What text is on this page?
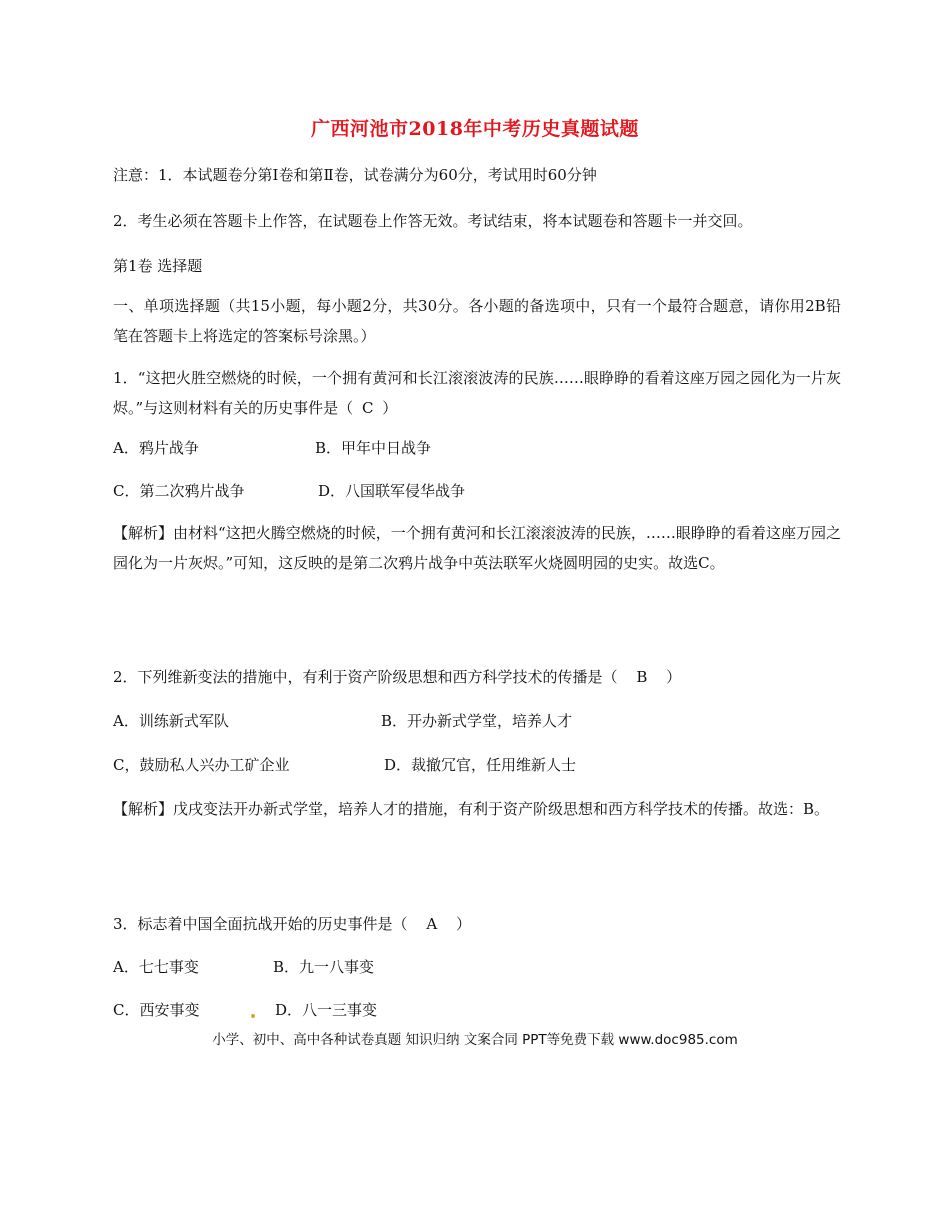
广西河池市2018年中考历史真题试题
注意：1．本试题卷分第Ⅰ卷和第Ⅱ卷，试卷满分为60分，考试用时60分钟
2．考生必须在答题卡上作答，在试题卷上作答无效。考试结束，将本试题卷和答题卡一并交回。
第1卷 选择题
一、单项选择题（共15小题，每小题2分，共30分。各小题的备选项中，只有一个最符合题意，请你用2B铅笔在答题卡上将选定的答案标号涂黑。）
1．“这把火胜空燃烧的时候，一个拥有黄河和长江滚滚波涛的民族……眼睁睁的看着这座万园之园化为一片灰烬。”与这则材料有关的历史事件是（ C ）
A．鸦片战争	B．甲年中日战争
C．第二次鸦片战争	D．八国联军侵华战争
【解析】由材料“这把火腾空燃烧的时候，一个拥有黄河和长江滚滚波涛的民族，……眼睁睁的看着这座万园之园化为一片灰烬。”可知，这反映的是第二次鸦片战争中英法联军火烧圆明园的史实。故选C。
2．下列维新变法的措施中，有利于资产阶级思想和西方科学技术的传播是（ B ）
A．训练新式军队	B．开办新式学堂，培养人才
C，鼓励私人兴办工矿企业	D．裁撤冗官，任用维新人士
【解析】戊戌变法开办新式学堂，培养人才的措施，有利于资产阶级思想和西方科学技术的传播。故选：B。
3．标志着中国全面抗战开始的历史事件是（ A ）
A．七七事变	B．九一八事变
C．西安事变	D．八一三事变
小学、初中、高中各种试卷真题 知识归纳 文案合同 PPT等免费下载 www.doc985.com
